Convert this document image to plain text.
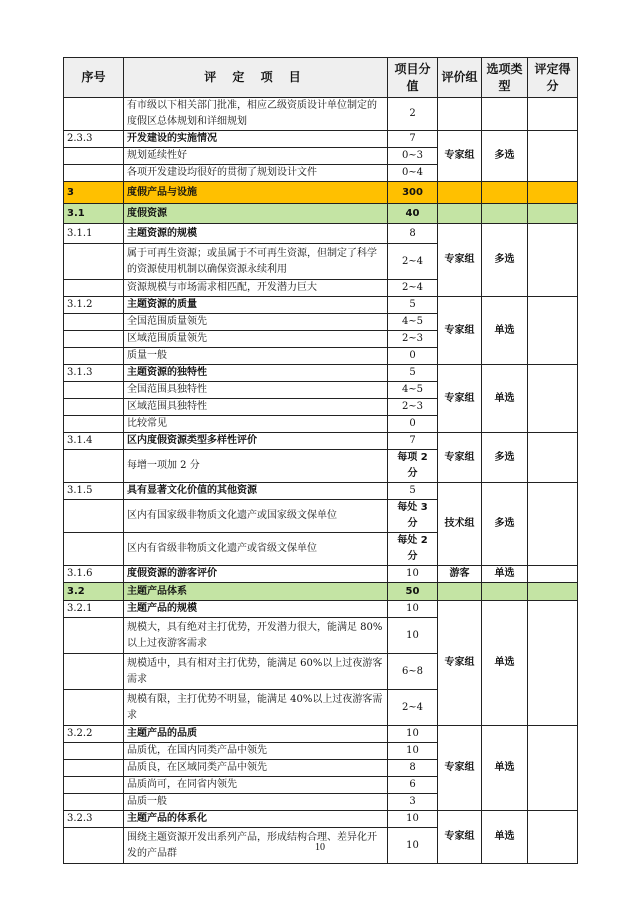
序号	评 定 项 目	项目分值	评价组	选项类型	评定得分
	有市级以下相关部门批准，相应乙级资质设计单位制定的度假区总体规划和详细规划	2			
2.3.3	开发建设的实施情况	7	专家组	多选	
	规划延续性好	0~3			
	各项开发建设均很好的贯彻了规划设计文件	0~4			
3	度假产品与设施	300			
3.1	度假资源	40			
3.1.1	主题资源的规模	8	专家组	多选	
	属于可再生资源；或虽属于不可再生资源，但制定了科学的资源使用机制以确保资源永续利用	2~4			
	资源规模与市场需求相匹配，开发潜力巨大	2~4			
3.1.2	主题资源的质量	5	专家组	单选	
	全国范围质量领先	4~5			
	区域范围质量领先	2~3			
	质量一般	0			
3.1.3	主题资源的独特性	5	专家组	单选	
	全国范围具独特性	4~5			
	区域范围具独特性	2~3			
	比较常见	0			
3.1.4	区内度假资源类型多样性评价	7	专家组	多选	
	每增一项加 2 分	每项 2 分			
3.1.5	具有显著文化价值的其他资源	5	技术组	多选	
	区内有国家级非物质文化遗产或国家级文保单位	每处 3 分			
	区内有省级非物质文化遗产或省级文保单位	每处 2 分			
3.1.6	度假资源的游客评价	10	游客	单选	
3.2	主题产品体系	50			
3.2.1	主题产品的规模	10	专家组	单选	
	规模大，具有绝对主打优势，开发潜力很大，能满足 80%以上过夜游客需求	10			
	规模适中，具有相对主打优势，能满足 60%以上过夜游客需求	6~8			
	规模有限，主打优势不明显，能满足 40%以上过夜游客需求	2~4			
3.2.2	主题产品的品质	10	专家组	单选	
	品质优，在国内同类产品中领先	10			
	品质良，在区域同类产品中领先	8			
	品质尚可，在同省内领先	6			
	品质一般	3			
3.2.3	主题产品的体系化	10	专家组	单选	
	围绕主题资源开发出系列产品，形成结构合理、差异化开发的产品群	10			
10
